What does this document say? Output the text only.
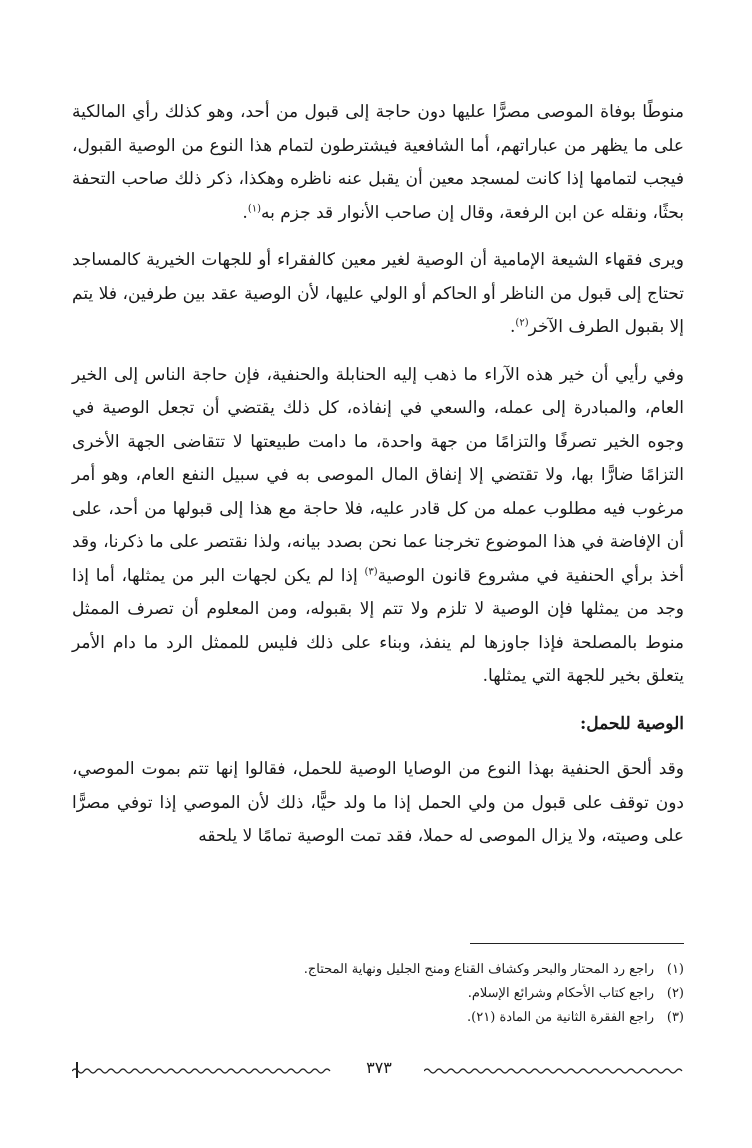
منوطًا بوفاة الموصى مصرًّا عليها دون حاجة إلى قبول من أحد، وهو كذلك رأي المالكية على ما يظهر من عباراتهم، أما الشافعية فيشترطون لتمام هذا النوع من الوصية القبول، فيجب لتمامها إذا كانت لمسجد معين أن يقبل عنه ناظره وهكذا، ذكر ذلك صاحب التحفة بحثًا، ونقله عن ابن الرفعة، وقال إن صاحب الأنوار قد جزم به$^{(١)}$.

ويرى فقهاء الشيعة الإمامية أن الوصية لغير معين كالفقراء أو للجهات الخيرية كالمساجد تحتاج إلى قبول من الناظر أو الحاكم أو الولي عليها، لأن الوصية عقد بين طرفين، فلا يتم إلا بقبول الطرف الآخر$^{(٢)}$.

وفي رأيي أن خير هذه الآراء ما ذهب إليه الحنابلة والحنفية، فإن حاجة الناس إلى الخير العام، والمبادرة إلى عمله، والسعي في إنفاذه، كل ذلك يقتضي أن تجعل الوصية في وجوه الخير تصرفًا والتزامًا من جهة واحدة، ما دامت طبيعتها لا تتقاضى الجهة الأخرى التزامًا ضارًّا بها، ولا تقتضي إلا إنفاق المال الموصى به في سبيل النفع العام، وهو أمر مرغوب فيه مطلوب عمله من كل قادر عليه، فلا حاجة مع هذا إلى قبولها من أحد، على أن الإفاضة في هذا الموضوع تخرجنا عما نحن بصدد بيانه، ولذا نقتصر على ما ذكرنا، وقد أخذ برأي الحنفية في مشروع قانون الوصية$^{(٣)}$ إذا لم يكن لجهات البر من يمثلها، أما إذا وجد من يمثلها فإن الوصية لا تلزم ولا تتم إلا بقبوله، ومن المعلوم أن تصرف الممثل منوط بالمصلحة فإذا جاوزها لم ينفذ، وبناء على ذلك فليس للممثل الرد ما دام الأمر يتعلق بخير للجهة التي يمثلها.

الوصية للحمل:

وقد ألحق الحنفية بهذا النوع من الوصايا الوصية للحمل، فقالوا إنها تتم بموت الموصي، دون توقف على قبول من ولي الحمل إذا ما ولد حيًّا، ذلك لأن الموصي إذا توفي مصرًّا على وصيته، ولا يزال الموصى له حملا، فقد تمت الوصية تمامًا لا يلحقه

(١)راجع رد المحتار والبحر وكشاف القناع ومنح الجليل ونهاية المحتاج.
(٢)راجع كتاب الأحكام وشرائع الإسلام.
(٣)راجع الفقرة الثانية من المادة (٢١).
٣٧٣
